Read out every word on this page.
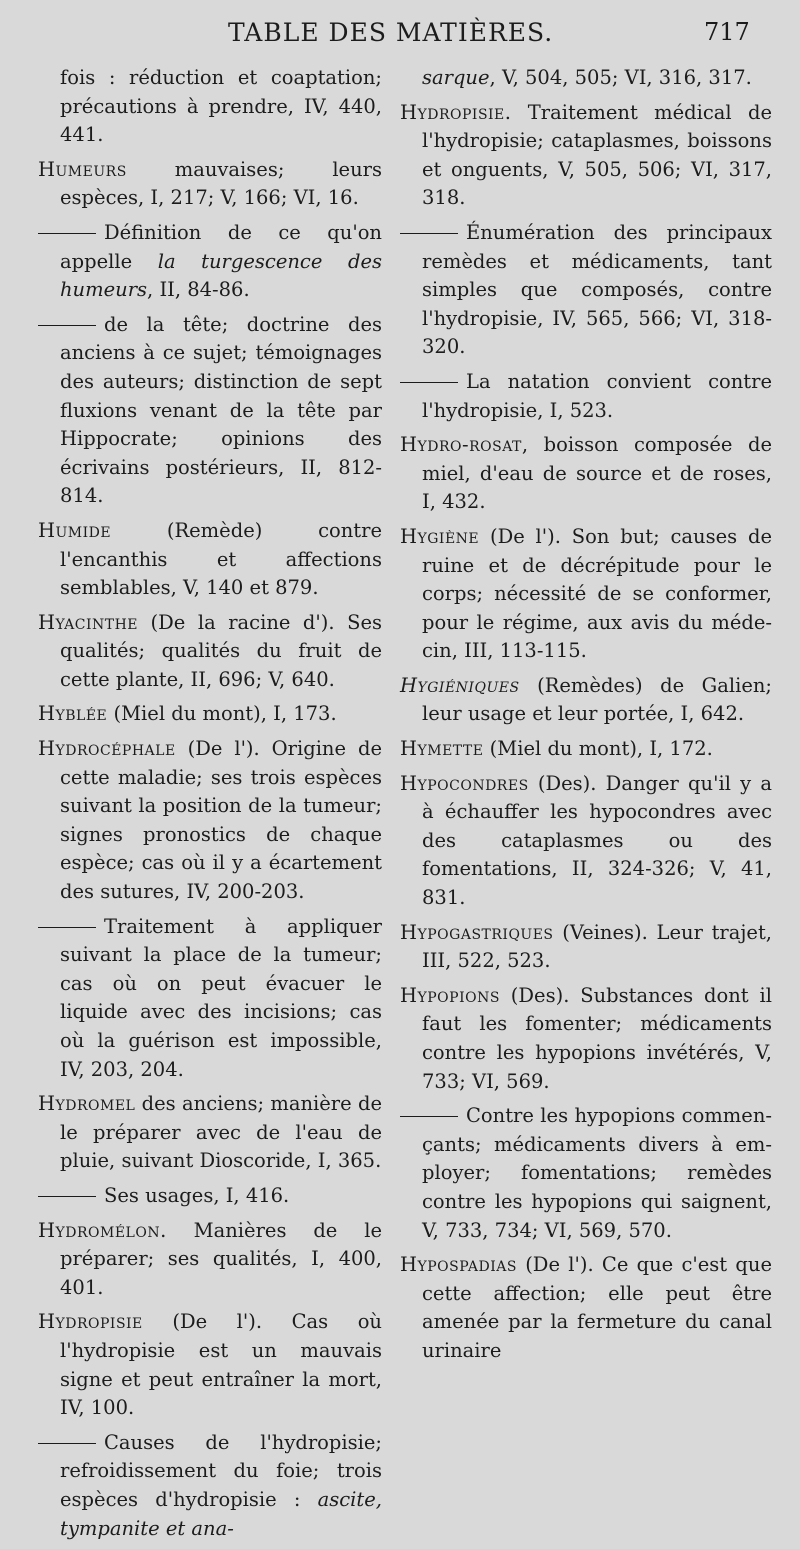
TABLE DES MATIÈRES.	717

fois : réduction et coaptation; précautions à prendre, IV, 440, 441.

Humeurs mauvaises; leurs espèces, I, 217; V, 166; VI, 16.

Définition de ce qu'on appelle la turgescence des humeurs, II, 84-86.

de la tête; doctrine des anciens à ce sujet; témoignages des auteurs; distinction de sept fluxions venant de la tête par Hippocrate; opinions des écrivains postérieurs, II, 812-814.

Humide (Remède) contre l'encanthis et affections semblables, V, 140 et 879.

Hyacinthe (De la racine d'). Ses qualités; qualités du fruit de cette plante, II, 696; V, 640.

Hyblée (Miel du mont), I, 173.

Hydrocéphale (De l'). Origine de cette maladie; ses trois espèces suivant la position de la tumeur; signes pronostics de chaque espèce; cas où il y a écartement des sutures, IV, 200-203.

Traitement à appliquer suivant la place de la tumeur; cas où on peut évacuer le liquide avec des incisions; cas où la guérison est impossible, IV, 203, 204.

Hydromel des anciens; manière de le préparer avec de l'eau de pluie, suivant Dioscoride, I, 365.

Ses usages, I, 416.

Hydromélon. Manières de le préparer; ses qualités, I, 400, 401.

Hydropisie (De l'). Cas où l'hydropisie est un mauvais signe et peut entraîner la mort, IV, 100.

Causes de l'hydropisie; refroidissement du foie; trois espèces d'hydropisie : ascite, tympanite et ana-

sarque, V, 504, 505; VI, 316, 317.

Hydropisie. Traitement médical de l'hydropisie; cataplasmes, boissons et onguents, V, 505, 506; VI, 317, 318.

Énumération des principaux remèdes et médicaments, tant simples que composés, contre l'hydropisie, IV, 565, 566; VI, 318-320.

La natation convient contre l'hydropisie, I, 523.

Hydro-rosat, boisson composée de miel, d'eau de source et de roses, I, 432.

Hygiène (De l'). Son but; causes de ruine et de décrépitude pour le corps; nécessité de se conformer, pour le régime, aux avis du médecin, III, 113-115.

Hygiéniques (Remèdes) de Galien; leur usage et leur portée, I, 642.

Hymette (Miel du mont), I, 172.

Hypocondres (Des). Danger qu'il y a à échauffer les hypocondres avec des cataplasmes ou des fomentations, II, 324-326; V, 41, 831.

Hypogastriques (Veines). Leur trajet, III, 522, 523.

Hypopions (Des). Substances dont il faut les fomenter; médicaments contre les hypopions invétérés, V, 733; VI, 569.

Contre les hypopions commençants; médicaments divers à employer; fomentations; remèdes contre les hypopions qui saignent, V, 733, 734; VI, 569, 570.

Hypospadias (De l'). Ce que c'est que cette affection; elle peut être amenée par la fermeture du canal urinaire
